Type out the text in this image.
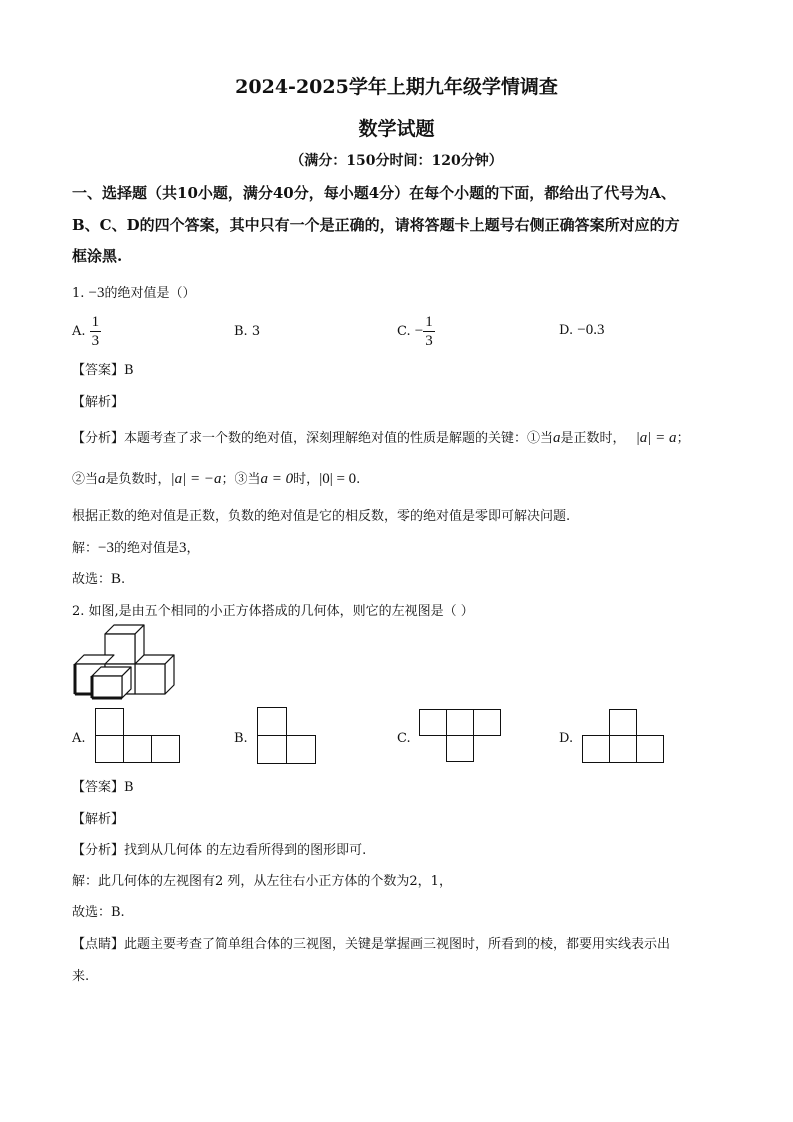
2024-2025学年上期九年级学情调查
数学试题
（满分：150分时间：120分钟）
一、选择题（共10小题，满分40分，每小题4分）在每个小题的下面，都给出了代号为A、
B、C、D的四个答案，其中只有一个是正确的，请将答题卡上题号右侧正确答案所对应的方
框涂黑.
1. −3的绝对值是（）
A. $\frac{1}{3}$	B. 3	C. − $\frac{1}{3}$	D. −0.3
【答案】B
【解析】
【分析】本题考查了求一个数的绝对值，深刻理解绝对值的性质是解题的关键：①当a是正数时， |a| = a；
②当a是负数时，|a| = −a；③当a = 0时，|0| = 0.
根据正数的绝对值是正数，负数的绝对值是它的相反数，零的绝对值是零即可解决问题.
解：−3的绝对值是3，
故选：B.
2. 如图,是由五个相同的小正方体搭成的几何体，则它的左视图是（ ）
A.	B.	C.	D.
【答案】B
【解析】
【分析】找到从几何体 的左边看所得到的图形即可.
解：此几何体的左视图有2 列，从左往右小正方体的个数为2，1，
故选：B.
【点睛】此题主要考查了简单组合体的三视图，关键是掌握画三视图时，所看到的棱，都要用实线表示出
来.
